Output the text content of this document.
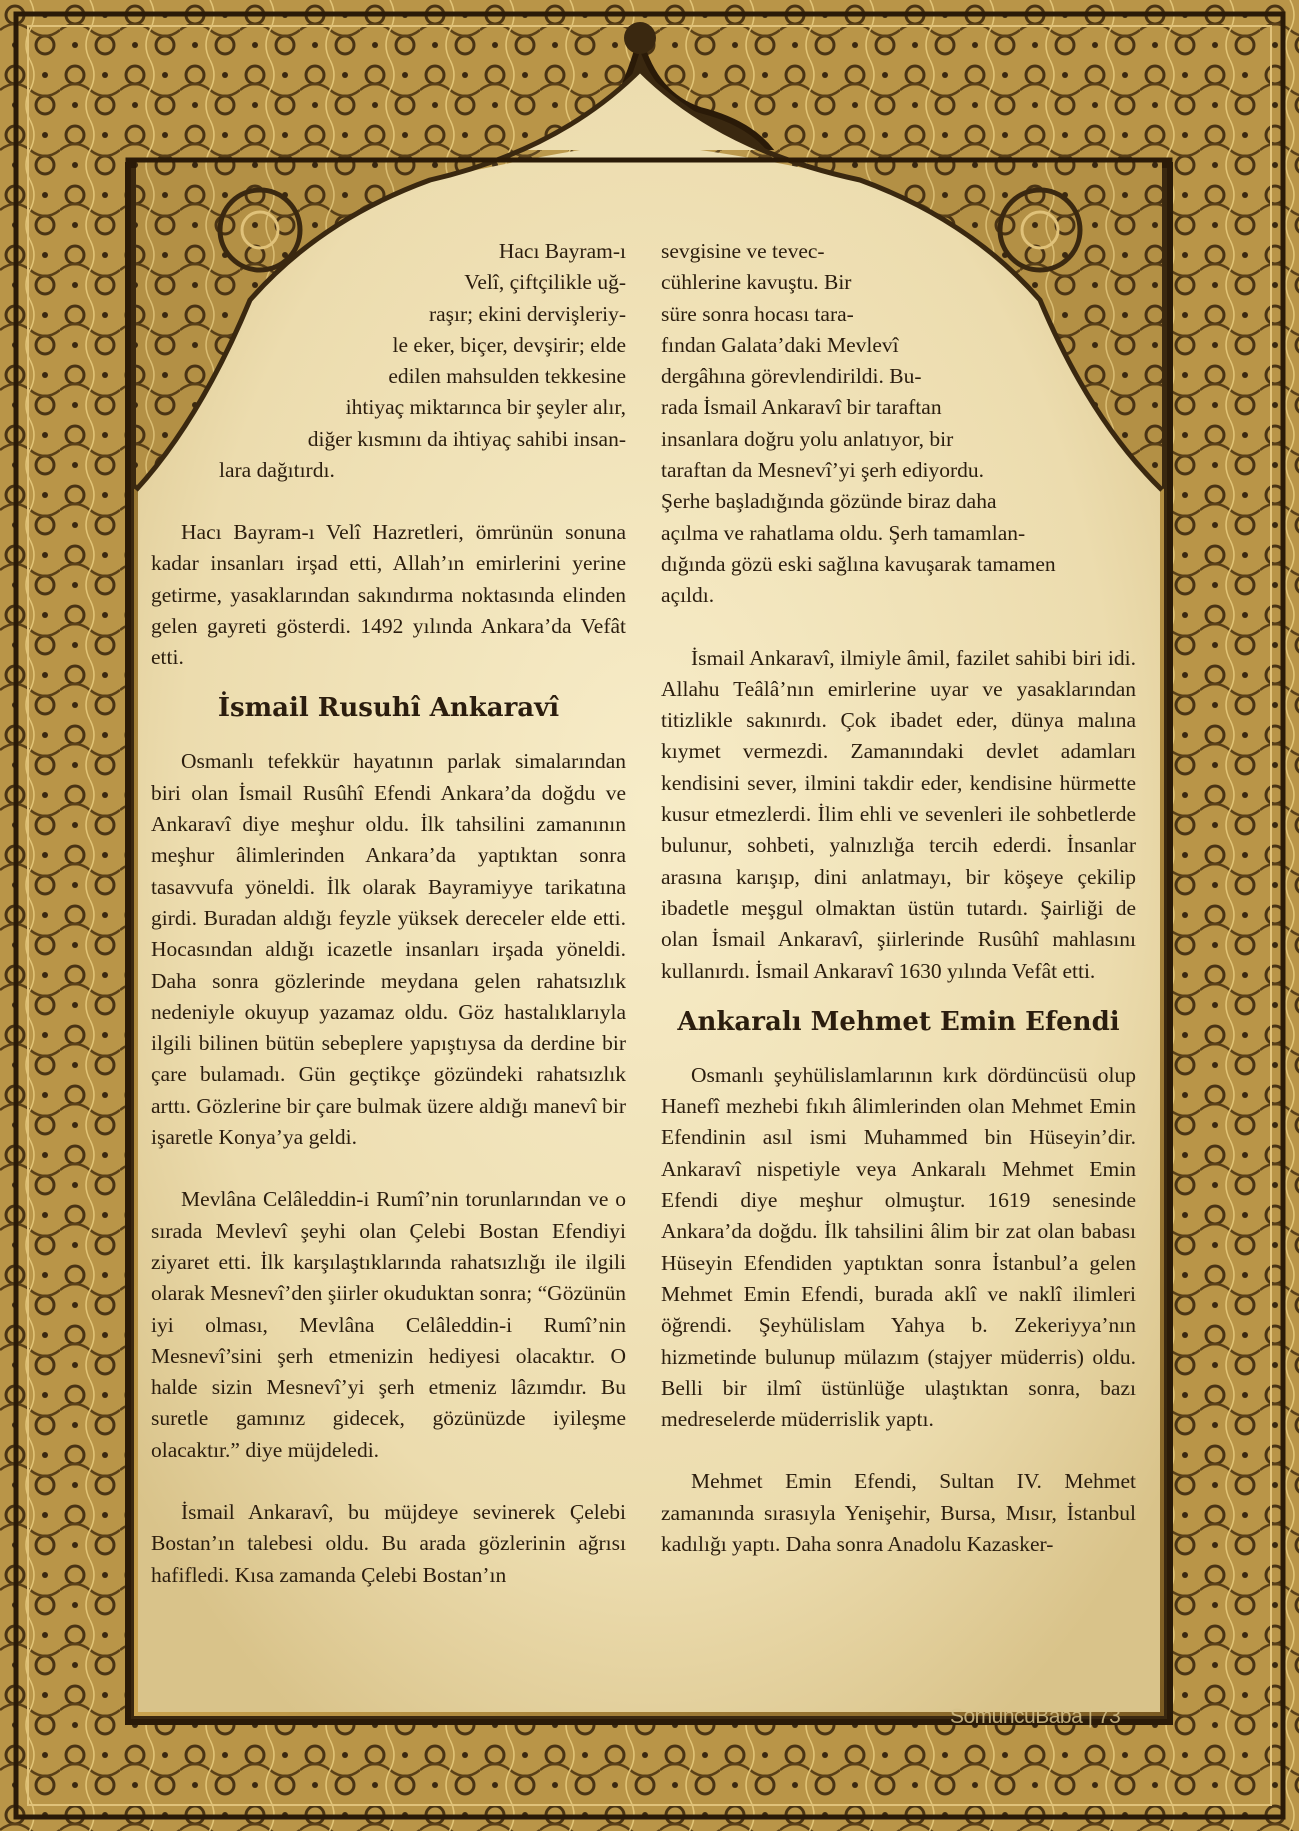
Hacı Bayram-ı
Velî, çiftçilikle uğ-
raşır; ekini dervişleriy-
le eker, biçer, devşirir; elde
edilen mahsulden tekkesine
ihtiyaç miktarınca bir şeyler alır,
diğer kısmını da ihtiyaç sahibi insan-
lara dağıtırdı.

Hacı Bayram-ı Velî Hazretleri, ömrünün sonuna kadar insanları irşad etti, Allah’ın emirlerini yerine getirme, yasaklarından sakındırma noktasında elinden gelen gayreti gösterdi. 1492 yılında Ankara’da Vefât etti.

İsmail Rusuhî Ankaravî

Osmanlı tefekkür hayatının parlak simalarından biri olan İsmail Rusûhî Efendi Ankara’da doğdu ve Ankaravî diye meşhur oldu. İlk tahsilini zamanının meşhur âlimlerinden Ankara’da yaptıktan sonra tasavvufa yöneldi. İlk olarak Bayramiyye tarikatına girdi. Buradan aldığı feyzle yüksek dereceler elde etti. Hocasından aldığı icazetle insanları irşada yöneldi. Daha sonra gözlerinde meydana gelen rahatsızlık nedeniyle okuyup yazamaz oldu. Göz hastalıklarıyla ilgili bilinen bütün sebeplere yapıştıysa da derdine bir çare bulamadı. Gün geçtikçe gözündeki rahatsızlık arttı. Gözlerine bir çare bulmak üzere aldığı manevî bir işaretle Konya’ya geldi.

Mevlâna Celâleddin-i Rumî’nin torunlarından ve o sırada Mevlevî şeyhi olan Çelebi Bostan Efendiyi ziyaret etti. İlk karşılaştıklarında rahatsızlığı ile ilgili olarak Mesnevî’den şiirler okuduktan sonra; “Gözünün iyi olması, Mevlâna Celâleddin-i Rumî’nin Mesnevî’sini şerh etmenizin hediyesi olacaktır. O halde sizin Mesnevî’yi şerh etmeniz lâzımdır. Bu suretle gamınız gidecek, gözünüzde iyileşme olacaktır.” diye müjdeledi.

İsmail Ankaravî, bu müjdeye sevinerek Çelebi Bostan’ın talebesi oldu. Bu arada gözlerinin ağrısı hafifledi. Kısa zamanda Çelebi Bostan’ın

sevgisine ve tevec-
cühlerine kavuştu. Bir
süre sonra hocası tara-
fından Galata’daki Mevlevî
dergâhına görevlendirildi. Bu-
rada İsmail Ankaravî bir taraftan
insanlara doğru yolu anlatıyor, bir
taraftan da Mesnevî’yi şerh ediyordu.
Şerhe başladığında gözünde biraz daha
açılma ve rahatlama oldu. Şerh tamamlan-
dığında gözü eski sağlına kavuşarak tamamen
açıldı.

İsmail Ankaravî, ilmiyle âmil, fazilet sahibi biri idi. Allahu Teâlâ’nın emirlerine uyar ve yasaklarından titizlikle sakınırdı. Çok ibadet eder, dünya malına kıymet vermezdi. Zamanındaki devlet adamları kendisini sever, ilmini takdir eder, kendisine hürmette kusur etmezlerdi. İlim ehli ve sevenleri ile sohbetlerde bulunur, sohbeti, yalnızlığa tercih ederdi. İnsanlar arasına karışıp, dini anlatmayı, bir köşeye çekilip ibadetle meşgul olmaktan üstün tutardı. Şairliği de olan İsmail Ankaravî, şiirlerinde Rusûhî mahlasını kullanırdı. İsmail Ankaravî 1630 yılında Vefât etti.

Ankaralı Mehmet Emin Efendi

Osmanlı şeyhülislamlarının kırk dördüncüsü olup Hanefî mezhebi fıkıh âlimlerinden olan Mehmet Emin Efendinin asıl ismi Muhammed bin Hüseyin’dir. Ankaravî nispetiyle veya Ankaralı Mehmet Emin Efendi diye meşhur olmuştur. 1619 senesinde Ankara’da doğdu. İlk tahsilini âlim bir zat olan babası Hüseyin Efendiden yaptıktan sonra İstanbul’a gelen Mehmet Emin Efendi, burada aklî ve naklî ilimleri öğrendi. Şeyhülislam Yahya b. Zekeriyya’nın hizmetinde bulunup mülazım (stajyer müderris) oldu. Belli bir ilmî üstünlüğe ulaştıktan sonra, bazı medreselerde müderrislik yaptı.

Mehmet Emin Efendi, Sultan IV. Mehmet zamanında sırasıyla Yenişehir, Bursa, Mısır, İstanbul kadılığı yaptı. Daha sonra Anadolu Kazasker-

SomuncuBaba | 73
